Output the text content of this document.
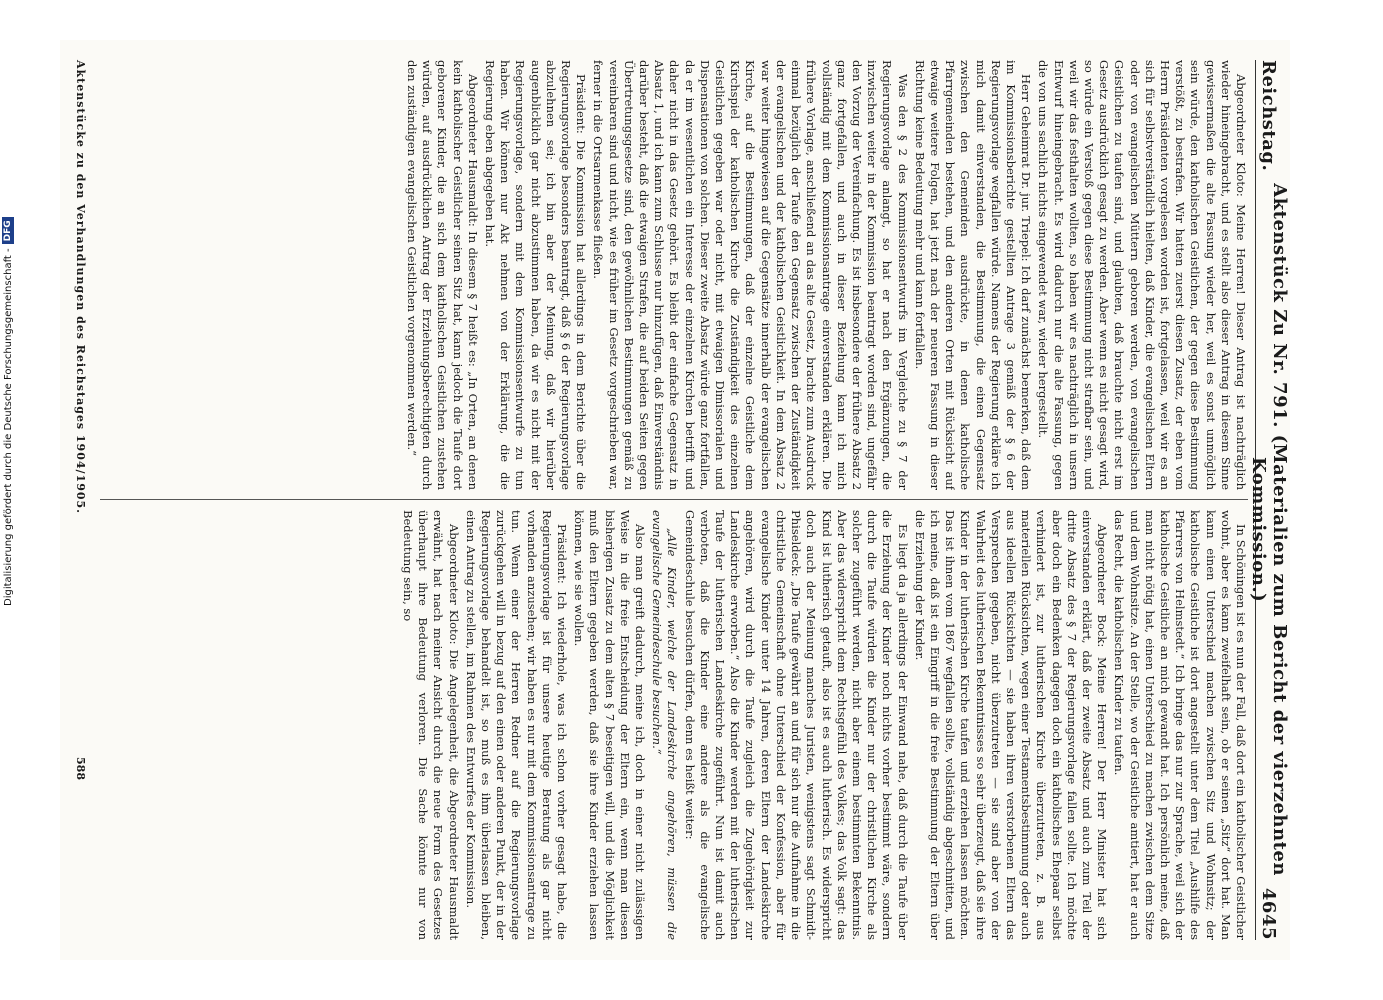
Reichstag.
Aktenstück Zu Nr. 791. (Materialien zum Bericht der vierzehnten Kommission.)
4645

Abgeordneter Kloto: Meine Herren! Dieser Antrag ist nachträglich wieder hineingebracht, und es stellt also dieser Antrag in diesem Sinne gewissermaßen die alte Fassung wieder her, weil es sonst unmöglich sein würde, den katholischen Geistlichen, der gegen diese Bestimmung verstößt, zu bestrafen. Wir hatten zuerst diesen Zusatz, der eben vom Herrn Präsidenten vorgelesen worden ist, fortgelassen, weil wir es an sich für selbstverständlich hielten, daß Kinder, die evangelischen Eltern oder von evangelischen Müttern geboren werden, von evangelischen Geistlichen zu taufen sind, und glaubten, daß brauchte nicht erst im Gesetz ausdrücklich gesagt zu werden. Aber wenn es nicht gesagt wird, so würde ein Verstoß gegen diese Bestimmung nicht strafbar sein, und weil wir das festhalten wollten, so haben wir es nachträglich in unsern Entwurf hineingebracht. Es wird dadurch nur die alte Fassung, gegen die von uns sachlich nichts eingewendet war, wieder hergestellt.

Herr Geheimrat Dr. jur. Triepel: Ich darf zunächst bemerken, daß dem im Kommissionsberichte gestellten Antrage 3 gemäß der § 6 der Regierungsvorlage wegfallen würde. Namens der Regierung erkläre ich mich damit einverstanden, die Bestimmung, die einen Gegensatz zwischen den Gemeinden ausdrückte, in denen katholische Pfarrgemeinden bestehen, und den anderen Orten mit Rücksicht auf etwaige weitere Folgen, hat jetzt nach der neueren Fassung in dieser Richtung keine Bedeutung mehr und kann fortfallen.

Was den § 2 des Kommissionsentwurfs im Vergleiche zu § 7 der Regierungsvorlage anlangt, so hat er nach den Ergänzungen, die inzwischen weiter in der Kommission beantragt worden sind, ungefähr den Vorzug der Vereinfachung. Es ist insbesondere der frühere Absatz 2 ganz fortgefallen, und auch in dieser Beziehung kann ich mich vollständig mit dem Kommissionsantrage einverstanden erklären. Die frühere Vorlage, anschließend an das alte Gesetz, brachte zum Ausdruck einmal bezüglich der Taufe den Gegensatz zwischen der Zuständigkeit der evangelischen und der katholischen Geistlichkeit. In dem Absatz 2 war weiter hingewiesen auf die Gegensätze innerhalb der evangelischen Kirche, auf die Bestimmungen, daß der einzelne Geistliche dem Kirchspiel der katholischen Kirche die Zuständigkeit des einzelnen Geistlichen gegeben war oder nicht, mit etwaigen Dimissorialen und Dispensationen von solchen. Dieser zweite Absatz würde ganz fortfallen, da er im wesentlichen ein Interesse der einzelnen Kirchen betrifft und daher nicht in das Gesetz gehört. Es bleibt der einfache Gegensatz in Absatz 1, und ich kann zum Schlusse nur hinzufügen, daß Einverständnis darüber besteht, daß die etwaigen Strafen, die auf beiden Seiten gegen Übertretungsgesetze sind, den gewöhnlichen Bestimmungen gemäß zu vereinbaren sind und nicht, wie es früher im Gesetz vorgeschrieben war, ferner in die Ortsarmenkasse fließen.

Präsident: Die Kommission hat allerdings in dem Berichte über die Regierungsvorlage besonders beantragt, daß § 6 der Regierungsvorlage abzulehnen sei; ich bin aber der Meinung, daß wir hierüber augenblicklich gar nicht abzustimmen haben, da wir es nicht mit der Regierungsvorlage, sondern mit dem Kommissionsentwurfe zu tun haben. Wir können nur Akt nehmen von der Erklärung, die die Regierung eben abgegeben hat.

Abgeordneter Hausmaldt: In diesem § 7 heißt es: „In Orten, an denen kein katholischer Geistlicher seinen Sitz hat, kann jedoch die Taufe dort geborener Kinder, die an sich dem katholischen Geistlichen zustehen würden, auf ausdrücklichen Antrag der Erziehungsberechtigten durch den zuständigen evangelischen Geistlichen vorgenommen werden.“

In Schöningen ist es nun der Fall, daß dort ein katholischer Geistlicher wohnt, aber es kann zweifelhaft sein, ob er seinen „Sitz“ dort hat. Man kann einen Unterschied machen zwischen Sitz und Wohnsitz; der katholische Geistliche ist dort angestellt unter dem Titel „Aushilfe des Pfarrers von Helmstedt.“ Ich bringe das nur zur Sprache, weil sich der katholische Geistliche an mich gewandt hat. Ich persönlich meine, daß man nicht nötig hat, einen Unterschied zu machen zwischen dem Sitze und dem Wohnsitze. An der Stelle, wo der Geistliche amtiert, hat er auch das Recht, die katholischen Kinder zu taufen.

Abgeordneter Bock: Meine Herren! Der Herr Minister hat sich einverstanden erklärt, daß der zweite Absatz und auch zum Teil der dritte Absatz des § 7 der Regierungsvorlage fallen sollte. Ich möchte aber doch ein Bedenken dagegen doch ein katholisches Ehepaar selbst verhindert ist, zur lutherischen Kirche überzutreten, z. B. aus materiellen Rücksichten, wegen einer Testamentsbestimmung oder auch aus ideellen Rücksichten — sie haben ihren verstorbenen Eltern das Versprechen gegeben, nicht überzutreten — sie sind aber von der Wahrheit des lutherischen Bekenntnisses so sehr überzeugt, daß sie ihre Kinder in der lutherischen Kirche taufen und erziehen lassen möchten. Das ist ihnen vom 1867 wegfallen sollte, vollständig abgeschnitten, und ich meine, daß ist ein Eingriff in die freie Bestimmung der Eltern über die Erziehung der Kinder.

Es liegt da ja allerdings der Einwand nahe, daß durch die Taufe über die Erziehung der Kinder noch nichts vorher bestimmt wäre, sondern durch die Taufe würden die Kinder nur der christlichen Kirche als solcher zugeführt werden, nicht aber einem bestimmten Bekenntnis. Aber das widerspricht dem Rechtsgefühl des Volkes; das Volk sagt: das Kind ist lutherisch getauft, also ist es auch lutherisch. Es widerspricht doch auch der Meinung manches Juristen, wenigstens sagt Schmidt-Phiseldeck: „Die Taufe gewährt an und für sich nur die Aufnahme in die christliche Gemeinschaft ohne Unterschied der Konfession, aber für evangelische Kinder unter 14 Jahren, deren Eltern der Landeskirche angehören, wird durch die Taufe zugleich die Zugehörigkeit zur Landeskirche erworben.“ Also die Kinder werden mit der lutherischen Taufe der lutherischen Landeskirche zugeführt. Nun ist damit auch verboten, daß die Kinder eine andere als die evangelische Gemeindeschule besuchen dürfen, denn es heißt weiter:

„Alle Kinder, welche der Landeskirche angehören, müssen die evangelische Gemeindeschule besuchen.“

Also man greift dadurch, meine ich, doch in einer nicht zulässigen Weise in die freie Entscheidung der Eltern ein, wenn man diesen bisherigen Zusatz zu dem alten § 7 beseitigen will, und die Möglichkeit muß den Eltern gegeben werden, daß sie ihre Kinder erziehen lassen können, wie sie wollen.

Präsident: Ich wiederhole, was ich schon vorher gesagt habe, die Regierungsvorlage ist für unsere heutige Beratung als gar nicht vorhanden anzusehen; wir haben es nur mit dem Kommissionsantrage zu tun. Wenn einer der Herren Redner auf die Regierungsvorlage zurückgehen will in bezug auf den einen oder anderen Punkt, der in der Regierungsvorlage behandelt ist, so muß es ihm überlassen bleiben, einen Antrag zu stellen, im Rahmen des Entwurfes der Kommission.

Abgeordneter Kloto: Die Angelegenheit, die Abgeordneter Hausmaldt erwähnt, hat nach meiner Ansicht durch die neue Form des Gesetzes überhaupt ihre Bedeutung verloren. Die Sache könnte nur von Bedeutung sein, so

Aktenstücke zu den Verhandlungen des Reichstages 1904/1905.
588
Digitalisierung gefördert durch die Deutsche Forschungsgemeinschaft -
DFG
